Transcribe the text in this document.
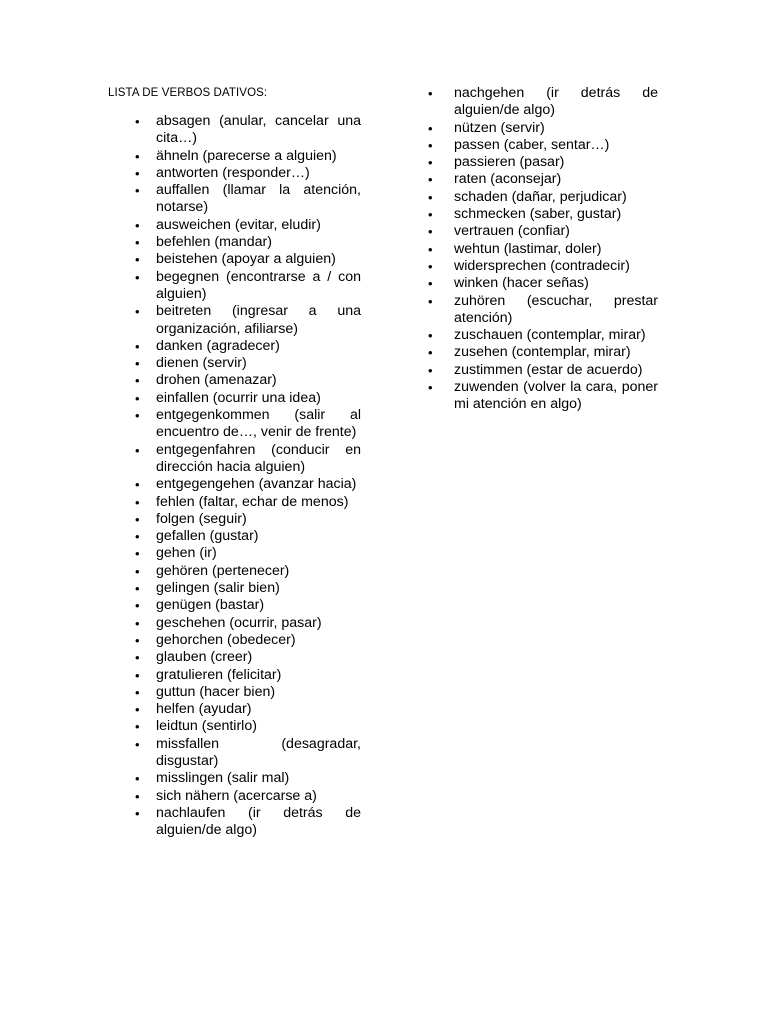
LISTA DE VERBOS DATIVOS:
• absagen (anular, cancelar una cita…)
• ähneln (parecerse a alguien)
• antworten (responder…)
• auffallen (llamar la atención, notarse)
• ausweichen (evitar, eludir)
• befehlen (mandar)
• beistehen (apoyar a alguien)
• begegnen (encontrarse a / con alguien)
• beitreten (ingresar a una organización, afiliarse)
• danken (agradecer)
• dienen (servir)
• drohen (amenazar)
• einfallen (ocurrir una idea)
• entgegenkommen (salir al encuentro de…, venir de frente)
• entgegenfahren (conducir en dirección hacia alguien)
• entgegengehen (avanzar hacia)
• fehlen (faltar, echar de menos)
• folgen (seguir)
• gefallen (gustar)
• gehen (ir)
• gehören (pertenecer)
• gelingen (salir bien)
• genügen (bastar)
• geschehen (ocurrir, pasar)
• gehorchen (obedecer)
• glauben (creer)
• gratulieren (felicitar)
• guttun (hacer bien)
• helfen (ayudar)
• leidtun (sentirlo)
• missfallen (desagradar, disgustar)
• misslingen (salir mal)
• sich nähern (acercarse a)
• nachlaufen (ir detrás de alguien/de algo)
• nachgehen (ir detrás de alguien/de algo)
• nützen (servir)
• passen (caber, sentar…)
• passieren (pasar)
• raten (aconsejar)
• schaden (dañar, perjudicar)
• schmecken (saber, gustar)
• vertrauen (confiar)
• wehtun (lastimar, doler)
• widersprechen (contradecir)
• winken (hacer señas)
• zuhören (escuchar, prestar atención)
• zuschauen (contemplar, mirar)
• zusehen (contemplar, mirar)
• zustimmen (estar de acuerdo)
• zuwenden (volver la cara, poner mi atención en algo)
